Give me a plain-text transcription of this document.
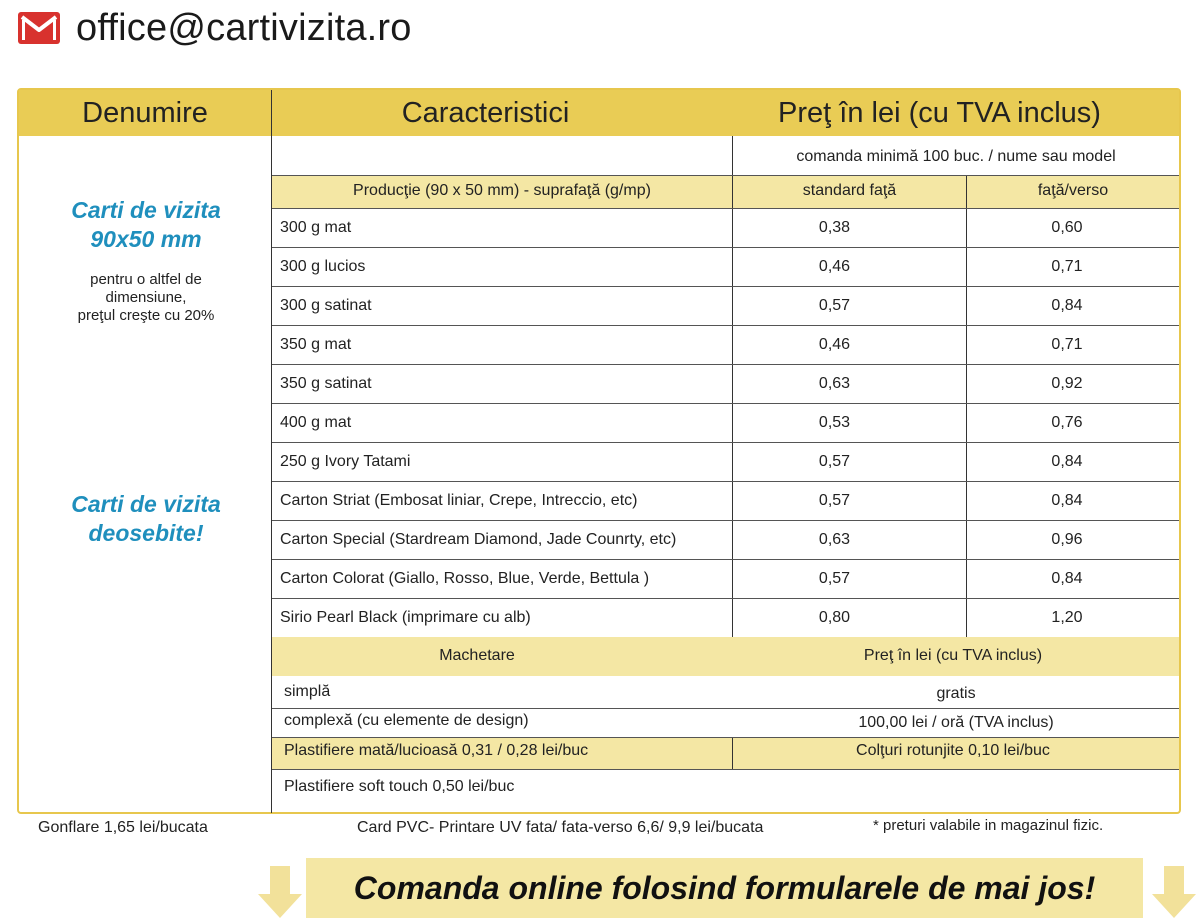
office@cartivizita.ro
Denumire	Caracteristici	Preţ în lei (cu TVA inclus)
Carti de vizita
90x50 mm
pentru o altfel de
dimensiune,
preţul creşte cu 20%
Carti de vizita
deosebite!
comanda minimă 100 buc. / nume sau model
Producţie (90 x 50 mm) - suprafaţă (g/mp)	standard faţă	faţă/verso
300 g mat	0,38	0,60
300 g lucios	0,46	0,71
300 g satinat	0,57	0,84
350 g mat	0,46	0,71
350 g satinat	0,63	0,92
400 g mat	0,53	0,76
250 g Ivory Tatami	0,57	0,84
Carton Striat (Embosat liniar, Crepe, Intreccio, etc)	0,57	0,84
Carton Special (Stardream Diamond, Jade Counrty, etc)	0,63	0,96
Carton Colorat (Giallo, Rosso, Blue, Verde, Bettula )	0,57	0,84
Sirio Pearl Black (imprimare cu alb)	0,80	1,20
Machetare	Preţ în lei (cu TVA inclus)
simplă	gratis
complexă (cu elemente de design)	100,00 lei / oră (TVA inclus)
Plastifiere mată/lucioasă 0,31 / 0,28 lei/buc	Colţuri rotunjite 0,10 lei/buc
Plastifiere soft touch 0,50 lei/buc
Gonflare 1,65 lei/bucata	Card PVC- Printare UV fata/ fata-verso 6,6/ 9,9 lei/bucata	* preturi valabile in magazinul fizic.
Comanda online folosind formularele de mai jos!
